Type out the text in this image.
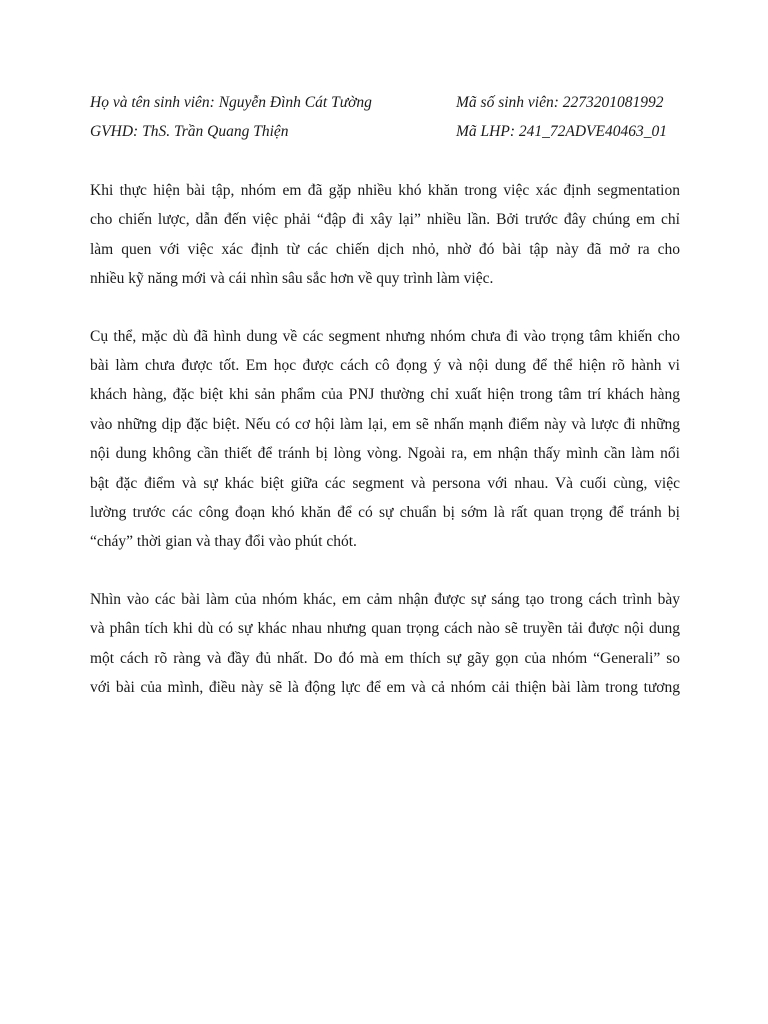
Họ và tên sinh viên: Nguyễn Đình Cát Tường	Mã số sinh viên: 2273201081992
GVHD: ThS. Trần Quang Thiện	Mã LHP: 241_72ADVE40463_01
Khi thực hiện bài tập, nhóm em đã gặp nhiều khó khăn trong việc xác định segmentation
cho chiến lược, dẫn đến việc phải “đập đi xây lại” nhiều lần. Bởi trước đây chúng em chỉ
làm quen với việc xác định từ các chiến dịch nhỏ, nhờ đó bài tập này đã mở ra cho
nhiều kỹ năng mới và cái nhìn sâu sắc hơn về quy trình làm việc.
Cụ thể, mặc dù đã hình dung về các segment nhưng nhóm chưa đi vào trọng tâm khiến cho
bài làm chưa được tốt. Em học được cách cô đọng ý và nội dung để thể hiện rõ hành vi
khách hàng, đặc biệt khi sản phẩm của PNJ thường chỉ xuất hiện trong tâm trí khách hàng
vào những dịp đặc biệt. Nếu có cơ hội làm lại, em sẽ nhấn mạnh điểm này và lược đi những
nội dung không cần thiết để tránh bị lòng vòng. Ngoài ra, em nhận thấy mình cần làm nổi
bật đặc điểm và sự khác biệt giữa các segment và persona với nhau. Và cuối cùng, việc
lường trước các công đoạn khó khăn để có sự chuẩn bị sớm là rất quan trọng để tránh bị
“cháy” thời gian và thay đổi vào phút chót.
Nhìn vào các bài làm của nhóm khác, em cảm nhận được sự sáng tạo trong cách trình bày
và phân tích khi dù có sự khác nhau nhưng quan trọng cách nào sẽ truyền tải được nội dung
một cách rõ ràng và đầy đủ nhất. Do đó mà em thích sự gãy gọn của nhóm “Generali” so
với bài của mình, điều này sẽ là động lực để em và cả nhóm cải thiện bài làm trong tương
